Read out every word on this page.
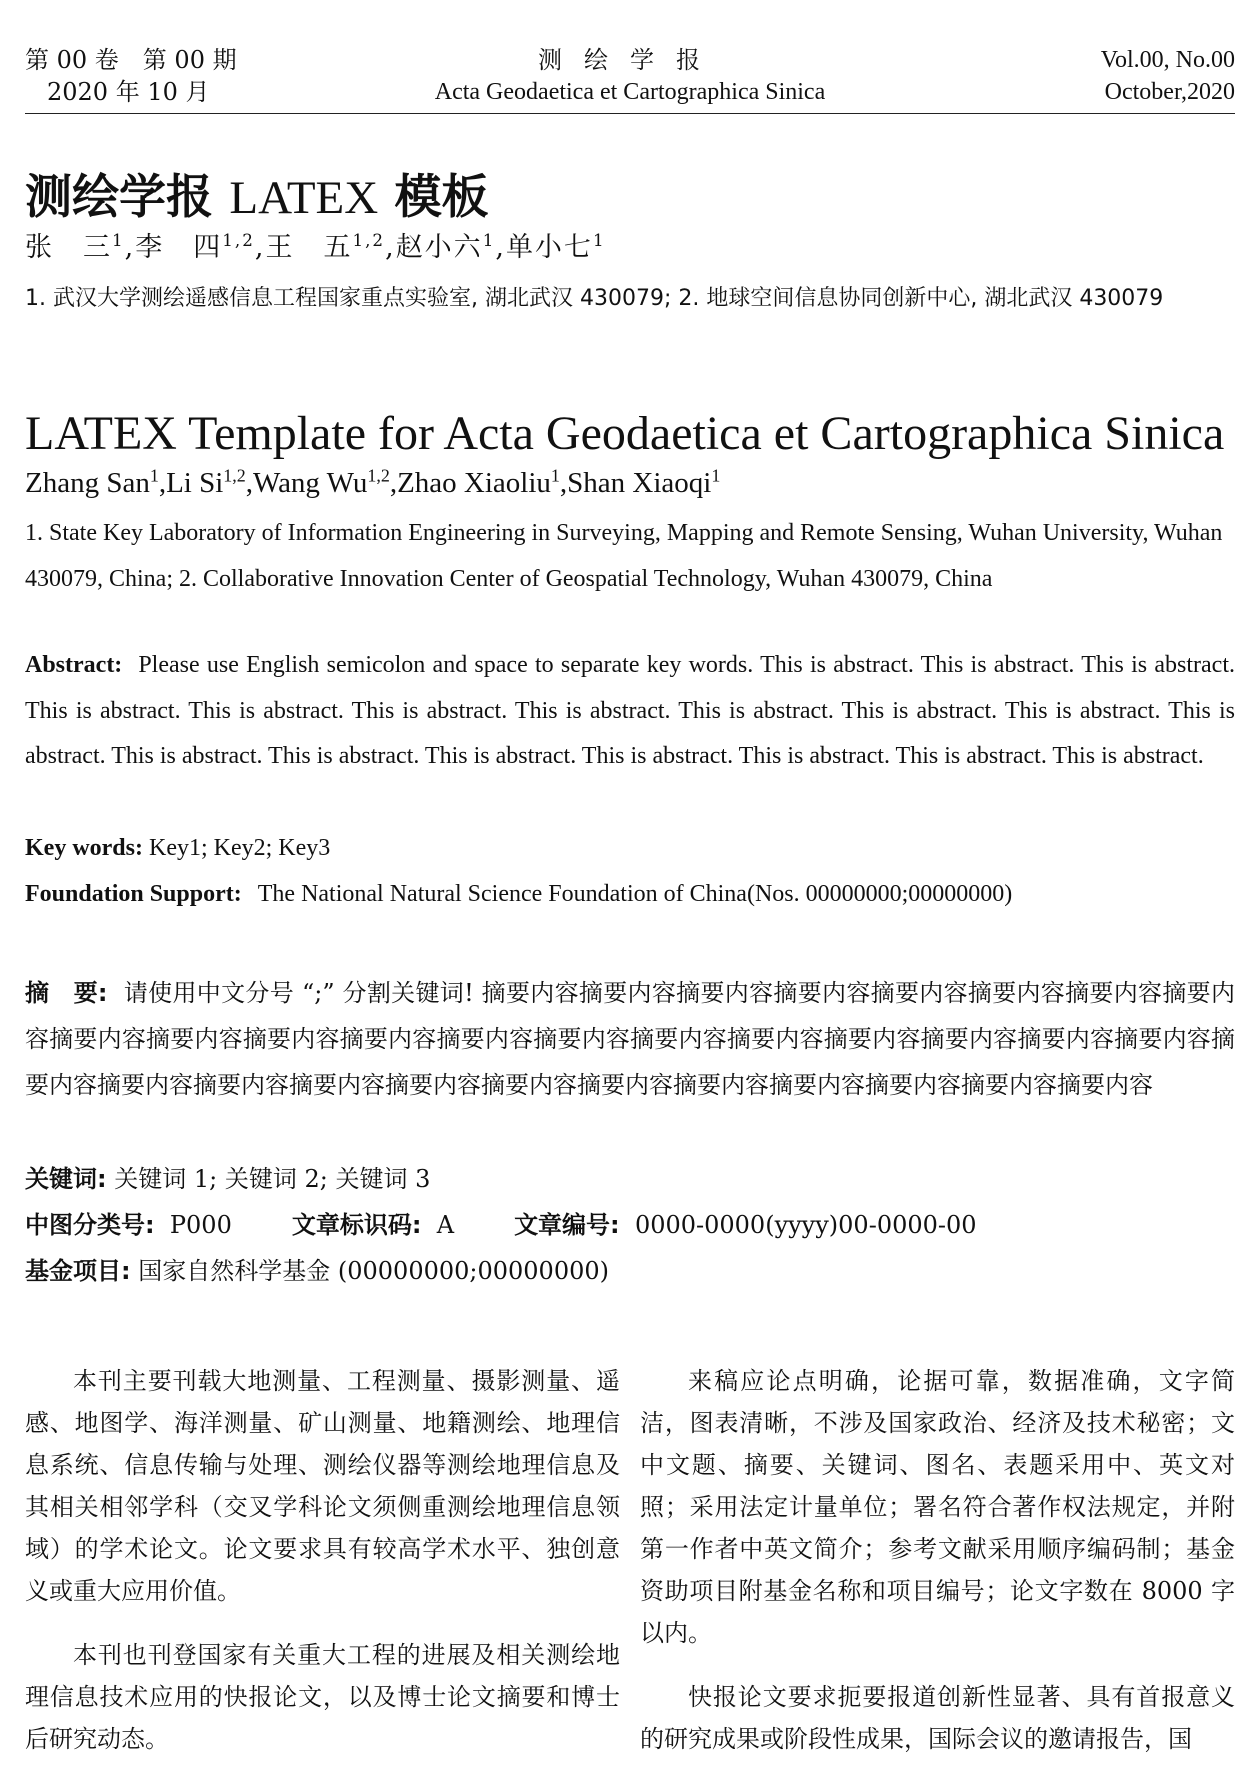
第 00 卷　第 00 期
2020 年 10 月
测绘学报
Acta Geodaetica et Cartographica Sinica
Vol.00, No.00
October,2020
测绘学报 LATEX 模板
张　三$^1$,李　四$^{1,2}$,王　五$^{1,2}$,赵小六$^1$,单小七$^1$
1. 武汉大学测绘遥感信息工程国家重点实验室, 湖北武汉 430079; 2. 地球空间信息协同创新中心, 湖北武汉 430079
LATEX Template for Acta Geodaetica et Cartographica Sinica
Zhang San$^1$,Li Si$^{1,2}$,Wang Wu$^{1,2}$,Zhao Xiaoliu$^1$,Shan Xiaoqi$^1$
1. State Key Laboratory of Information Engineering in Surveying, Mapping and Remote Sensing, Wuhan University, Wuhan 430079, China; 2. Collaborative Innovation Center of Geospatial Technology, Wuhan 430079, China
Abstract: Please use English semicolon and space to separate key words. This is abstract. This is abstract. This is abstract. This is abstract. This is abstract. This is abstract. This is abstract. This is abstract. This is abstract. This is abstract. This is abstract. This is abstract. This is abstract. This is abstract. This is abstract. This is abstract. This is abstract. This is abstract.
Key words: Key1; Key2; Key3
Foundation Support: The National Natural Science Foundation of China(Nos. 00000000;00000000)
摘　要: 请使用中文分号 “;” 分割关键词! 摘要内容摘要内容摘要内容摘要内容摘要内容摘要内容摘要内容摘要内容摘要内容摘要内容摘要内容摘要内容摘要内容摘要内容摘要内容摘要内容摘要内容摘要内容摘要内容摘要内容摘要内容摘要内容摘要内容摘要内容摘要内容摘要内容摘要内容摘要内容摘要内容摘要内容摘要内容摘要内容
关键词: 关键词 1; 关键词 2; 关键词 3
中图分类号: P000	文章标识码: A	文章编号: 0000-0000(yyyy)00-0000-00
基金项目: 国家自然科学基金 (00000000;00000000)

本刊主要刊载大地测量、工程测量、摄影测量、遥感、地图学、海洋测量、矿山测量、地籍测绘、地理信息系统、信息传输与处理、测绘仪器等测绘地理信息及其相关相邻学科（交叉学科论文须侧重测绘地理信息领域）的学术论文。论文要求具有较高学术水平、独创意义或重大应用价值。

本刊也刊登国家有关重大工程的进展及相关测绘地理信息技术应用的快报论文，以及博士论文摘要和博士后研究动态。

来稿应论点明确，论据可靠，数据准确，文字简洁，图表清晰，不涉及国家政治、经济及技术秘密；文中文题、摘要、关键词、图名、表题采用中、英文对照；采用法定计量单位；署名符合著作权法规定，并附第一作者中英文简介；参考文献采用顺序编码制；基金资助项目附基金名称和项目编号；论文字数在 8000 字以内。

快报论文要求扼要报道创新性显著、具有首报意义的研究成果或阶段性成果，国际会议的邀请报告，国
